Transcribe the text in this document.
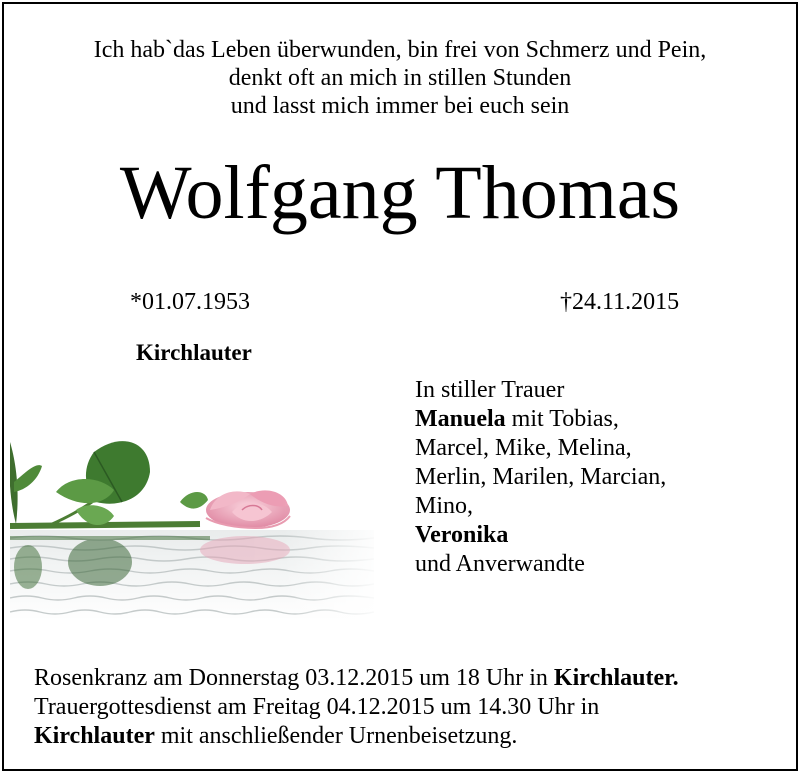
Ich hab`das Leben überwunden, bin frei von Schmerz und Pein,
denkt oft an mich in stillen Stunden
und lasst mich immer bei euch sein
Wolfgang Thomas
*01.07.1953	†24.11.2015
Kirchlauter
In stiller Trauer
Manuela mit Tobias,
Marcel, Mike, Melina,
Merlin, Marilen, Marcian,
Mino,
Veronika
und Anverwandte
Rosenkranz am Donnerstag 03.12.2015 um 18 Uhr in Kirchlauter.
Trauergottesdienst am Freitag 04.12.2015 um 14.30 Uhr in
Kirchlauter mit anschließender Urnenbeisetzung.
